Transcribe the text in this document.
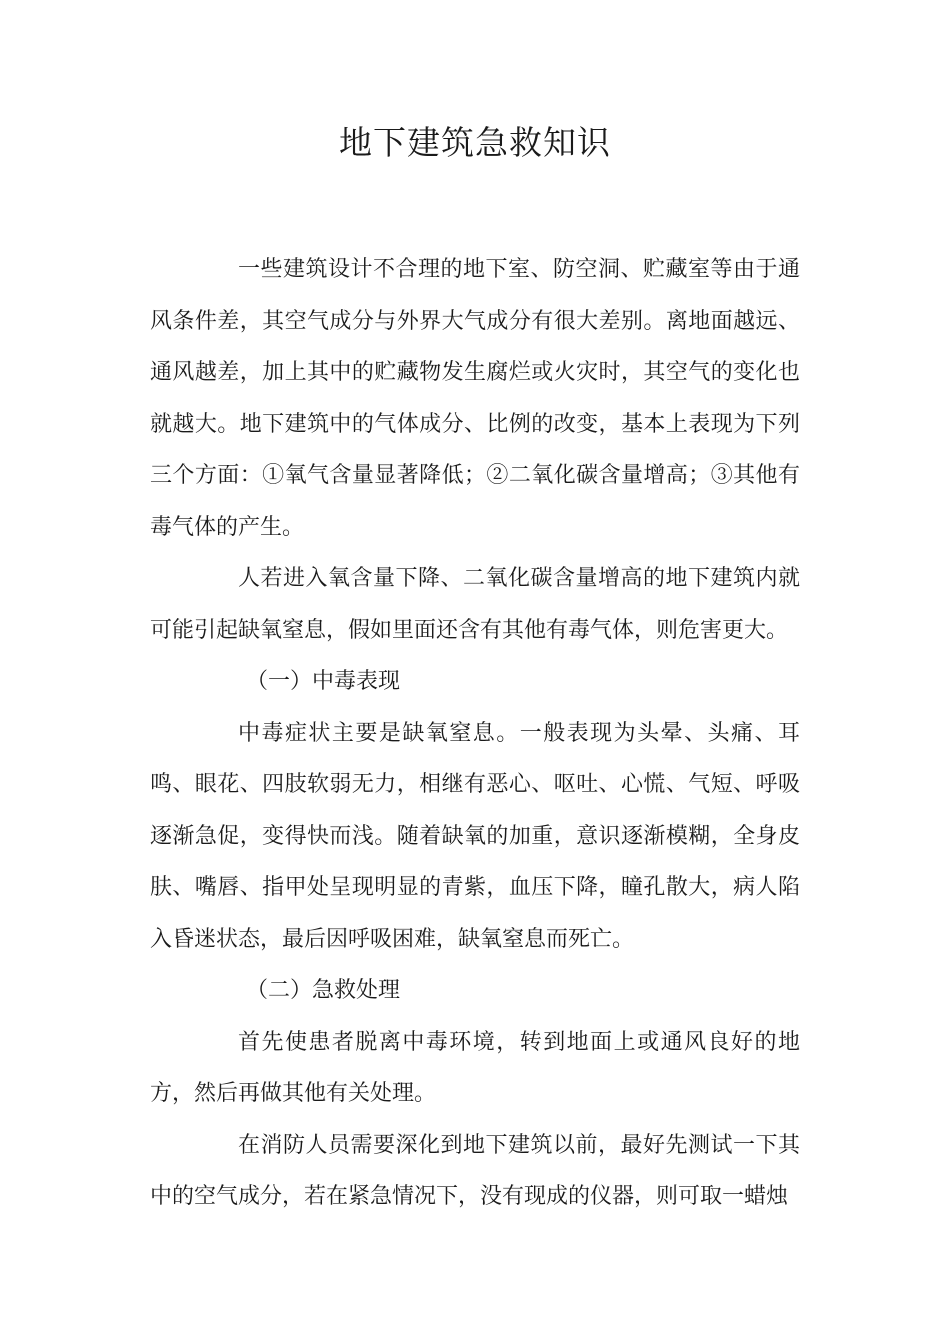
地下建筑急救知识

一些建筑设计不合理的地下室、防空洞、贮藏室等由于通风条件差，其空气成分与外界大气成分有很大差别。离地面越远、通风越差，加上其中的贮藏物发生腐烂或火灾时，其空气的变化也就越大。地下建筑中的气体成分、比例的改变，基本上表现为下列三个方面：①氧气含量显著降低；②二氧化碳含量增高；③其他有毒气体的产生。

人若进入氧含量下降、二氧化碳含量增高的地下建筑内就可能引起缺氧窒息，假如里面还含有其他有毒气体，则危害更大。

（一）中毒表现

中毒症状主要是缺氧窒息。一般表现为头晕、头痛、耳鸣、眼花、四肢软弱无力，相继有恶心、呕吐、心慌、气短、呼吸逐渐急促，变得快而浅。随着缺氧的加重，意识逐渐模糊，全身皮肤、嘴唇、指甲处呈现明显的青紫，血压下降，瞳孔散大，病人陷入昏迷状态，最后因呼吸困难，缺氧窒息而死亡。

（二）急救处理

首先使患者脱离中毒环境，转到地面上或通风良好的地方，然后再做其他有关处理。

在消防人员需要深化到地下建筑以前，最好先测试一下其中的空气成分，若在紧急情况下，没有现成的仪器，则可取一蜡烛
